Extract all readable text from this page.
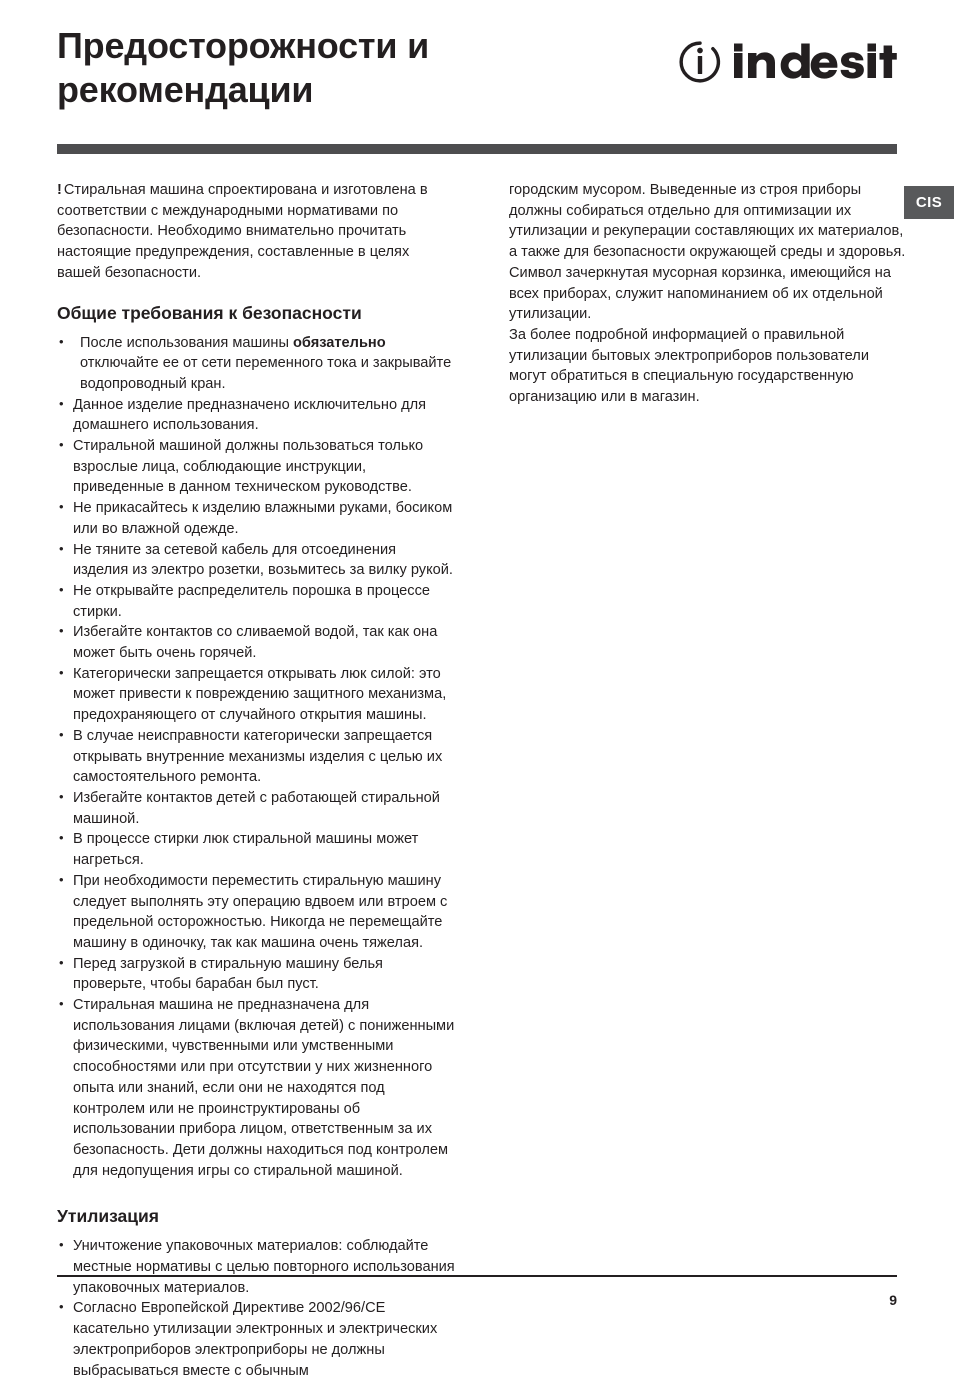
Предосторожности и рекомендации
CIS

! Стиральная машина спроектирована и изготовлена в соответствии с международными нормативами по безопасности. Необходимо внимательно прочитать настоящие предупреждения, составленные в целях вашей безопасности.

Общие требования к безопасности
• После использования машины обязательно отключайте ее от сети переменного тока и закрывайте водопроводный кран.
• Данное изделие предназначено исключительно для домашнего использования.
• Стиральной машиной должны пользоваться только взрослые лица, соблюдающие инструкции, приведенные в данном техническом руководстве.
• Не прикасайтесь к изделию влажными руками, босиком или во влажной одежде.
• Не тяните за сетевой кабель для отсоединения изделия из электро розетки, возьмитесь за вилку рукой.
• Не открывайте распределитель порошка в процессе стирки.
• Избегайте контактов со сливаемой водой, так как она может быть очень горячей.
• Категорически запрещается открывать люк силой: это может привести к повреждению защитного механизма, предохраняющего от случайного открытия машины.
• В случае неисправности категорически запрещается открывать внутренние механизмы изделия с целью их самостоятельного ремонта.
• Избегайте контактов детей с работающей стиральной машиной.
• В процессе стирки люк стиральной машины может нагреться.
• При необходимости переместить стиральную машину следует выполнять эту операцию вдвоем или втроем с предельной осторожностью. Никогда не перемещайте машину в одиночку, так как машина очень тяжелая.
• Перед загрузкой в стиральную машину белья проверьте, чтобы барабан был пуст.
• Стиральная машина не предназначена для использования лицами (включая детей) с пониженными физическими, чувственными или умственными способностями или при отсутствии у них жизненного опыта или знаний, если они не находятся под контролем или не проинструктированы об использовании прибора лицом, ответственным за их безопасность. Дети должны находиться под контролем для недопущения игры со стиральной машиной.
Утилизация
• Уничтожение упаковочных материалов: соблюдайте местные нормативы с целью повторного использования упаковочных материалов.
• Согласно Европейской Директиве 2002/96/CE касательно утилизации электронных и электрических электроприборов электроприборы не должны выбрасываться вместе с обычным

городским мусором. Выведенные из строя приборы должны собираться отдельно для оптимизации их утилизации и рекуперации составляющих их материалов, а также для безопасности окружающей среды и здоровья. Символ зачеркнутая мусорная корзинка, имеющийся на всех приборах, служит напоминанием об их отдельной утилизации.

За более подробной информацией о правильной утилизации бытовых электроприборов пользователи могут обратиться в специальную государственную организацию или в магазин.

9
